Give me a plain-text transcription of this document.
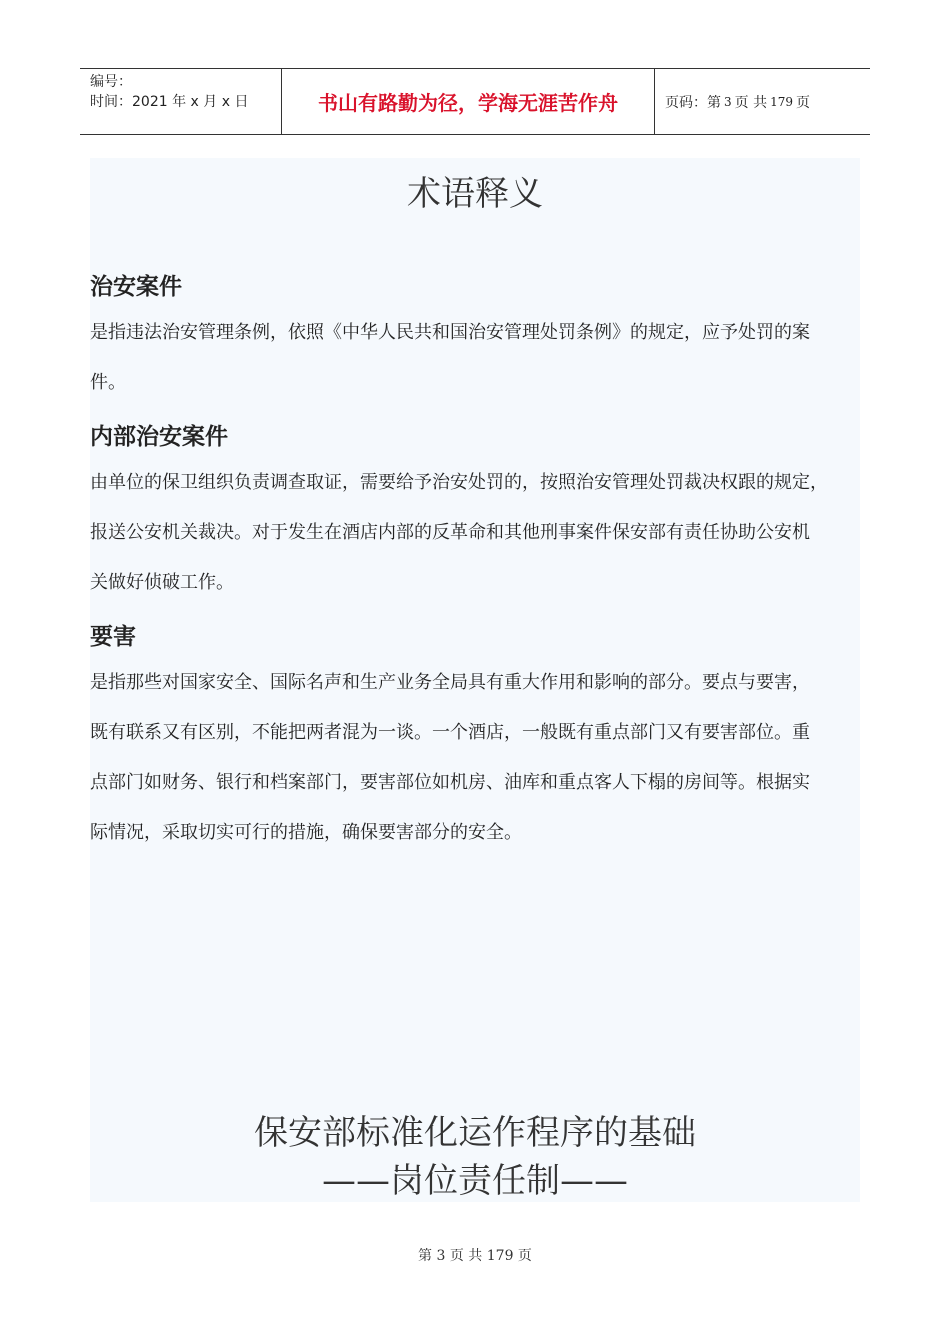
编号：
时间：2021 年 x 月 x 日	书山有路勤为径，学海无涯苦作舟	页码：第 3 页 共 179 页
术语释义
治安案件
是指违法治安管理条例，依照《中华人民共和国治安管理处罚条例》的规定，应予处罚的案
件。
内部治安案件
由单位的保卫组织负责调查取证，需要给予治安处罚的，按照治安管理处罚裁决权跟的规定，
报送公安机关裁决。对于发生在酒店内部的反革命和其他刑事案件保安部有责任协助公安机
关做好侦破工作。
要害
是指那些对国家安全、国际名声和生产业务全局具有重大作用和影响的部分。要点与要害，
既有联系又有区别，不能把两者混为一谈。一个酒店，一般既有重点部门又有要害部位。重
点部门如财务、银行和档案部门，要害部位如机房、油库和重点客人下榻的房间等。根据实
际情况，采取切实可行的措施，确保要害部分的安全。
保安部标准化运作程序的基础
——岗位责任制——
第 3 页 共 179 页
